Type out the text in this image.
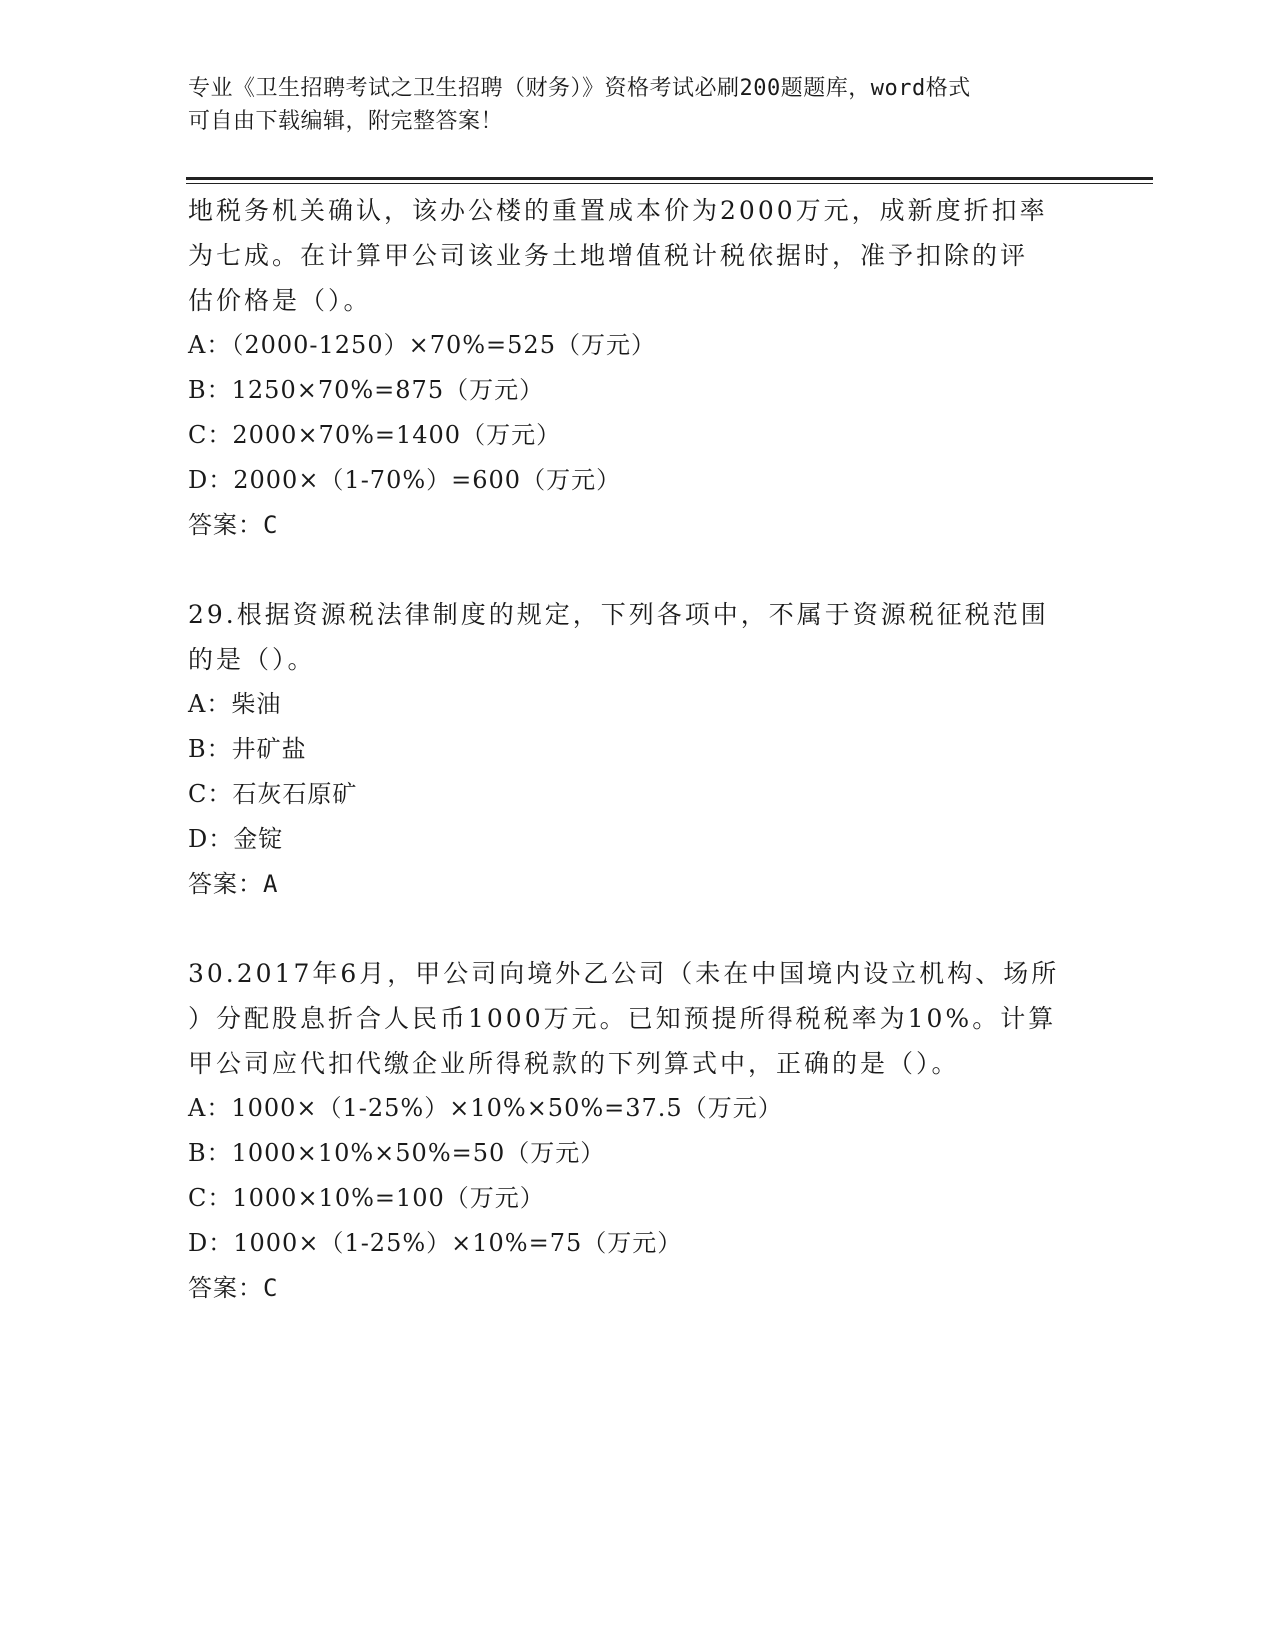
专业《卫生招聘考试之卫生招聘（财务）》资格考试必刷200题题库，word格式
可自由下载编辑，附完整答案！
地税务机关确认，该办公楼的重置成本价为2000万元，成新度折扣率
为七成。在计算甲公司该业务土地增值税计税依据时，准予扣除的评
估价格是（）。
A：（2000-1250）×70%=525（万元）
B：1250×70%=875（万元）
C：2000×70%=1400（万元）
D：2000×（1-70%）=600（万元）
答案：C
29.根据资源税法律制度的规定，下列各项中，不属于资源税征税范围
的是（）。
A：柴油
B：井矿盐
C：石灰石原矿
D：金锭
答案：A
30.2017年6月，甲公司向境外乙公司（未在中国境内设立机构、场所
）分配股息折合人民币1000万元。已知预提所得税税率为10%。计算
甲公司应代扣代缴企业所得税款的下列算式中，正确的是（）。
A：1000×（1-25%）×10%×50%=37.5（万元）
B：1000×10%×50%=50（万元）
C：1000×10%=100（万元）
D：1000×（1-25%）×10%=75（万元）
答案：C
